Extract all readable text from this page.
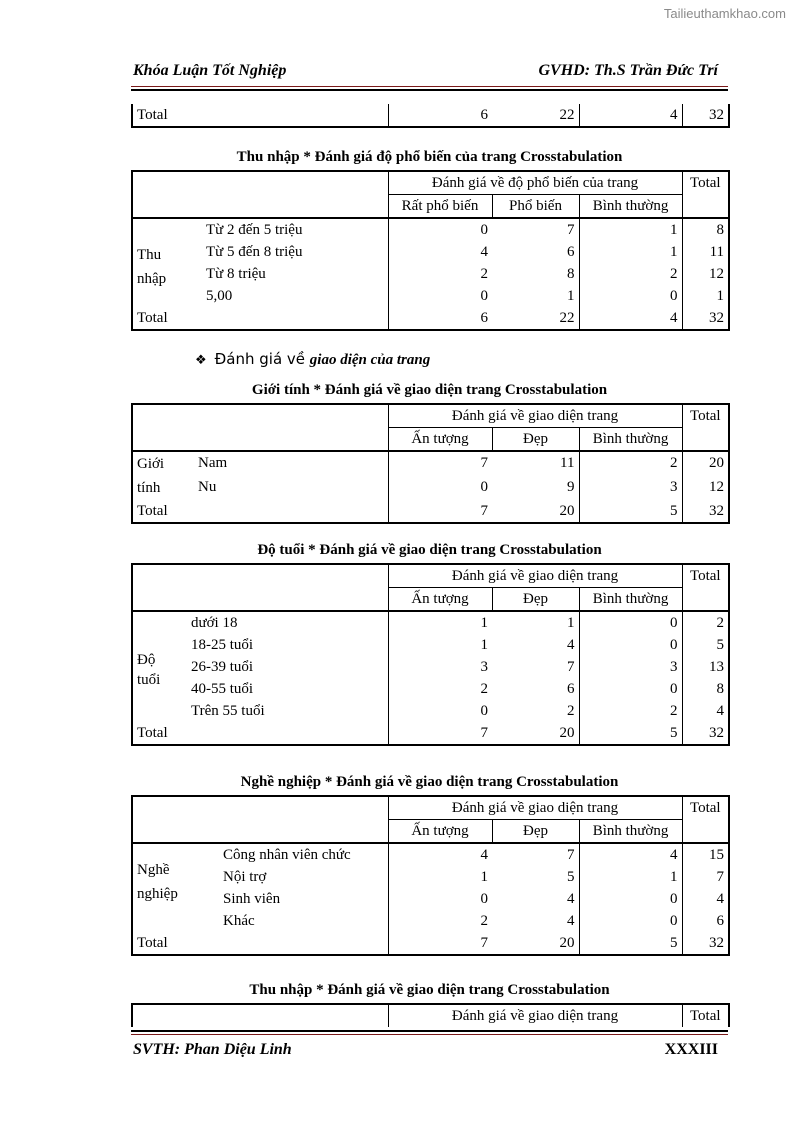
Tailieuthamkhao.com
Khóa Luận Tốt Nghiệp	GVHD: Th.S Trần Đức Trí
Total	6	22	4	32
Thu nhập * Đánh giá độ phổ biến của trang Crosstabulation
		Đánh giá về độ phổ biến của trang			Total
		Rất phổ biến	Phổ biến	Bình thường	
Thu
nhập	Từ 2 đến 5 triệu	0	7	1	8
	Từ 5 đến 8 triệu	4	6	1	11
	Từ 8 triệu	2	8	2	12
	5,00	0	1	0	1
Total		6	22	4	32
❖ Đánh giá về giao diện của trang
Giới tính * Đánh giá về giao diện trang Crosstabulation
		Đánh giá về giao diện trang			Total
		Ấn tượng	Đẹp	Bình thường	
Giới
tính	Nam	7	11	2	20
	Nu	0	9	3	12
Total		7	20	5	32
Độ tuổi * Đánh giá về giao diện trang Crosstabulation
		Đánh giá về giao diện trang			Total
		Ấn tượng	Đẹp	Bình thường	
Độ
tuổi	dưới 18	1	1	0	2
	18-25 tuổi	1	4	0	5
	26-39 tuổi	3	7	3	13
	40-55 tuổi	2	6	0	8
	Trên 55 tuổi	0	2	2	4
Total		7	20	5	32
Nghề nghiệp * Đánh giá về giao diện trang Crosstabulation
		Đánh giá về giao diện trang			Total
		Ấn tượng	Đẹp	Bình thường	
Nghề
nghiệp	Công nhân viên chức	4	7	4	15
	Nội trợ	1	5	1	7
	Sinh viên	0	4	0	4
	Khác	2	4	0	6
Total		7	20	5	32
Thu nhập * Đánh giá về giao diện trang Crosstabulation
	Đánh giá về giao diện trang	Total
SVTH: Phan Diệu Linh	XXXIII
